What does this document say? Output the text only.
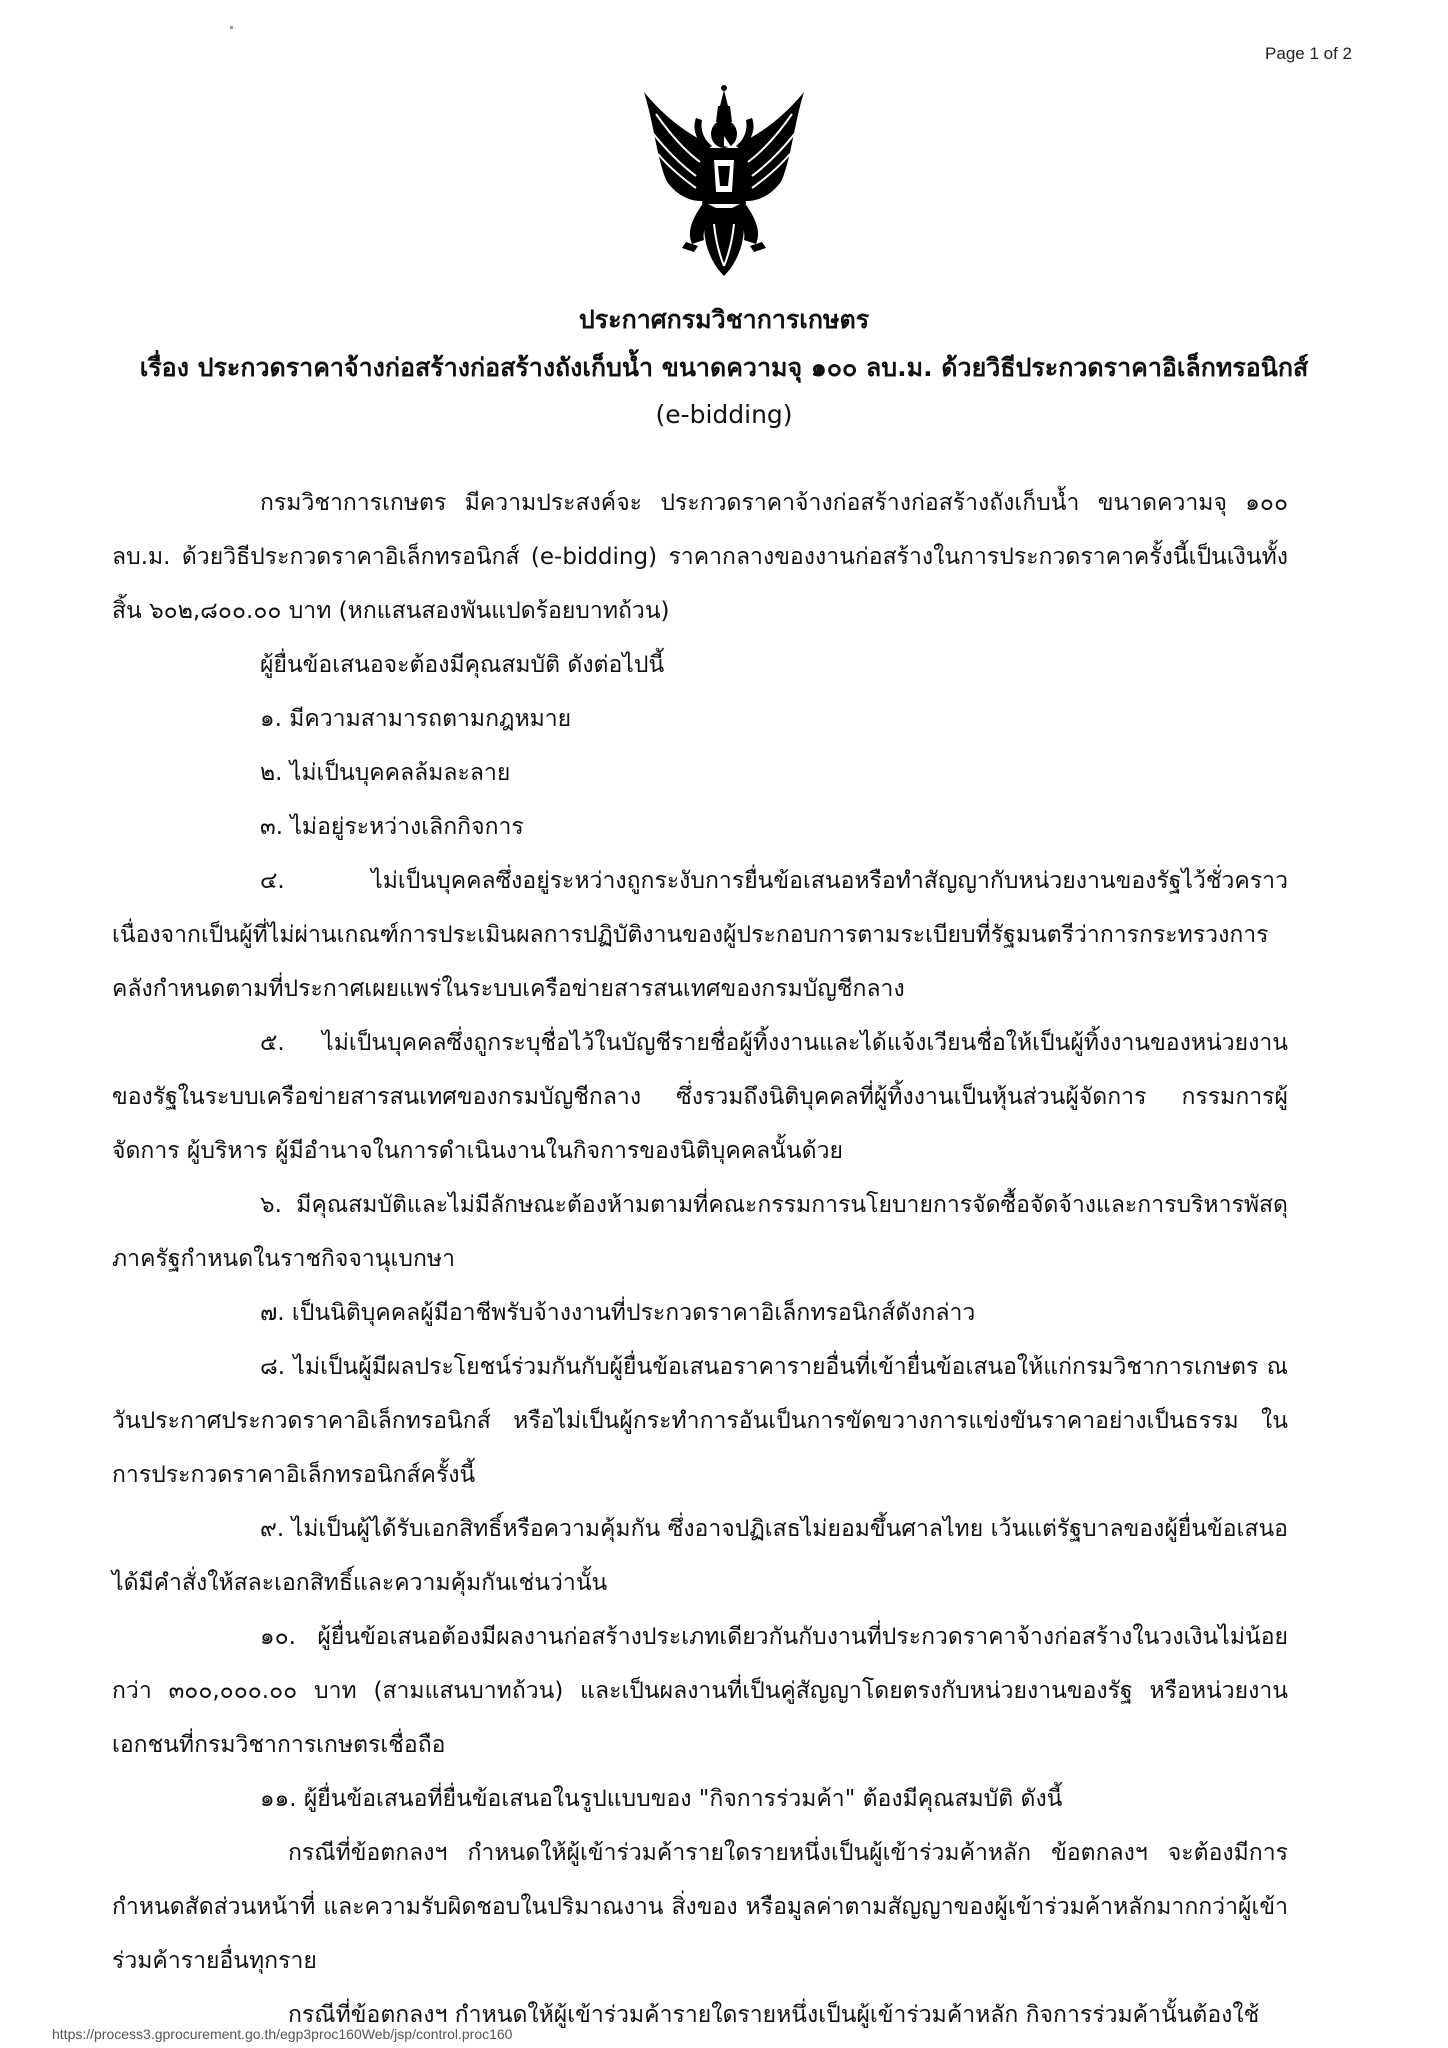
Page 1 of 2
ประกาศกรมวิชาการเกษตร
เรื่อง ประกวดราคาจ้างก่อสร้างก่อสร้างถังเก็บน้ำ ขนาดความจุ ๑๐๐ ลบ.ม. ด้วยวิธีประกวดราคาอิเล็กทรอนิกส์
(e-bidding)

กรมวิชาการเกษตร มีความประสงค์จะ ประกวดราคาจ้างก่อสร้างก่อสร้างถังเก็บน้ำ ขนาดความจุ ๑๐๐ ลบ.ม. ด้วยวิธีประกวดราคาอิเล็กทรอนิกส์ (e-bidding) ราคากลางของงานก่อสร้างในการประกวดราคาครั้งนี้เป็นเงินทั้งสิ้น ๖๐๒,๘๐๐.๐๐ บาท (หกแสนสองพันแปดร้อยบาทถ้วน)

ผู้ยื่นข้อเสนอจะต้องมีคุณสมบัติ ดังต่อไปนี้

๑. มีความสามารถตามกฎหมาย

๒. ไม่เป็นบุคคลล้มละลาย

๓. ไม่อยู่ระหว่างเลิกกิจการ

๔. ไม่เป็นบุคคลซึ่งอยู่ระหว่างถูกระงับการยื่นข้อเสนอหรือทำสัญญากับหน่วยงานของรัฐไว้ชั่วคราวเนื่องจากเป็นผู้ที่ไม่ผ่านเกณฑ์การประเมินผลการปฏิบัติงานของผู้ประกอบการตามระเบียบที่รัฐมนตรีว่าการกระทรวงการคลังกำหนดตามที่ประกาศเผยแพร่ในระบบเครือข่ายสารสนเทศของกรมบัญชีกลาง

๕. ไม่เป็นบุคคลซึ่งถูกระบุชื่อไว้ในบัญชีรายชื่อผู้ทิ้งงานและได้แจ้งเวียนชื่อให้เป็นผู้ทิ้งงานของหน่วยงานของรัฐในระบบเครือข่ายสารสนเทศของกรมบัญชีกลาง ซึ่งรวมถึงนิติบุคคลที่ผู้ทิ้งงานเป็นหุ้นส่วนผู้จัดการ กรรมการผู้จัดการ ผู้บริหาร ผู้มีอำนาจในการดำเนินงานในกิจการของนิติบุคคลนั้นด้วย

๖. มีคุณสมบัติและไม่มีลักษณะต้องห้ามตามที่คณะกรรมการนโยบายการจัดซื้อจัดจ้างและการบริหารพัสดุภาครัฐกำหนดในราชกิจจานุเบกษา

๗. เป็นนิติบุคคลผู้มีอาชีพรับจ้างงานที่ประกวดราคาอิเล็กทรอนิกส์ดังกล่าว

๘. ไม่เป็นผู้มีผลประโยชน์ร่วมกันกับผู้ยื่นข้อเสนอราคารายอื่นที่เข้ายื่นข้อเสนอให้แก่กรมวิชาการเกษตร ณ วันประกาศประกวดราคาอิเล็กทรอนิกส์ หรือไม่เป็นผู้กระทำการอันเป็นการขัดขวางการแข่งขันราคาอย่างเป็นธรรม ในการประกวดราคาอิเล็กทรอนิกส์ครั้งนี้

๙. ไม่เป็นผู้ได้รับเอกสิทธิ์หรือความคุ้มกัน ซึ่งอาจปฏิเสธไม่ยอมขึ้นศาลไทย เว้นแต่รัฐบาลของผู้ยื่นข้อเสนอได้มีคำสั่งให้สละเอกสิทธิ์และความคุ้มกันเช่นว่านั้น

๑๐. ผู้ยื่นข้อเสนอต้องมีผลงานก่อสร้างประเภทเดียวกันกับงานที่ประกวดราคาจ้างก่อสร้างในวงเงินไม่น้อยกว่า ๓๐๐,๐๐๐.๐๐ บาท (สามแสนบาทถ้วน) และเป็นผลงานที่เป็นคู่สัญญาโดยตรงกับหน่วยงานของรัฐ หรือหน่วยงานเอกชนที่กรมวิชาการเกษตรเชื่อถือ

๑๑. ผู้ยื่นข้อเสนอที่ยื่นข้อเสนอในรูปแบบของ "กิจการร่วมค้า" ต้องมีคุณสมบัติ ดังนี้

กรณีที่ข้อตกลงฯ กำหนดให้ผู้เข้าร่วมค้ารายใดรายหนึ่งเป็นผู้เข้าร่วมค้าหลัก ข้อตกลงฯ จะต้องมีการกำหนดสัดส่วนหน้าที่ และความรับผิดชอบในปริมาณงาน สิ่งของ หรือมูลค่าตามสัญญาของผู้เข้าร่วมค้าหลักมากกว่าผู้เข้าร่วมค้ารายอื่นทุกราย

กรณีที่ข้อตกลงฯ กำหนดให้ผู้เข้าร่วมค้ารายใดรายหนึ่งเป็นผู้เข้าร่วมค้าหลัก กิจการร่วมค้านั้นต้องใช้

https://process3.gprocurement.go.th/egp3proc160Web/jsp/control.proc160
